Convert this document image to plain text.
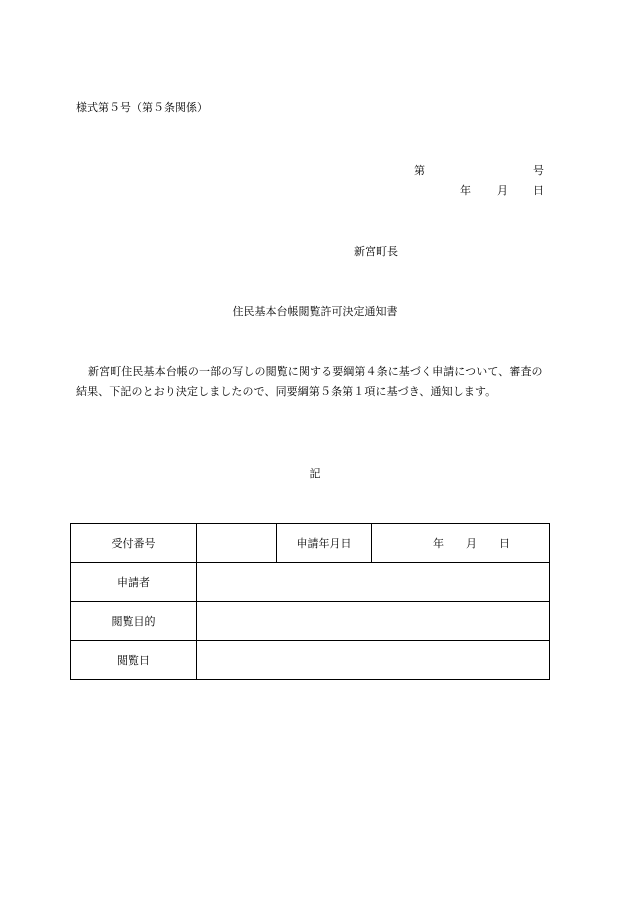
様式第５号（第５条関係）
第	号
年 月 日
新宮町長
住民基本台帳閲覧許可決定通知書
新宮町住民基本台帳の一部の写しの閲覧に関する要綱第４条に基づく申請について、審査の結果、下記のとおり決定しましたので、同要綱第５条第１項に基づき、通知します。
記
受付番号		申請年月日	年 月 日
申請者			
閲覧目的			
閲覧日			
